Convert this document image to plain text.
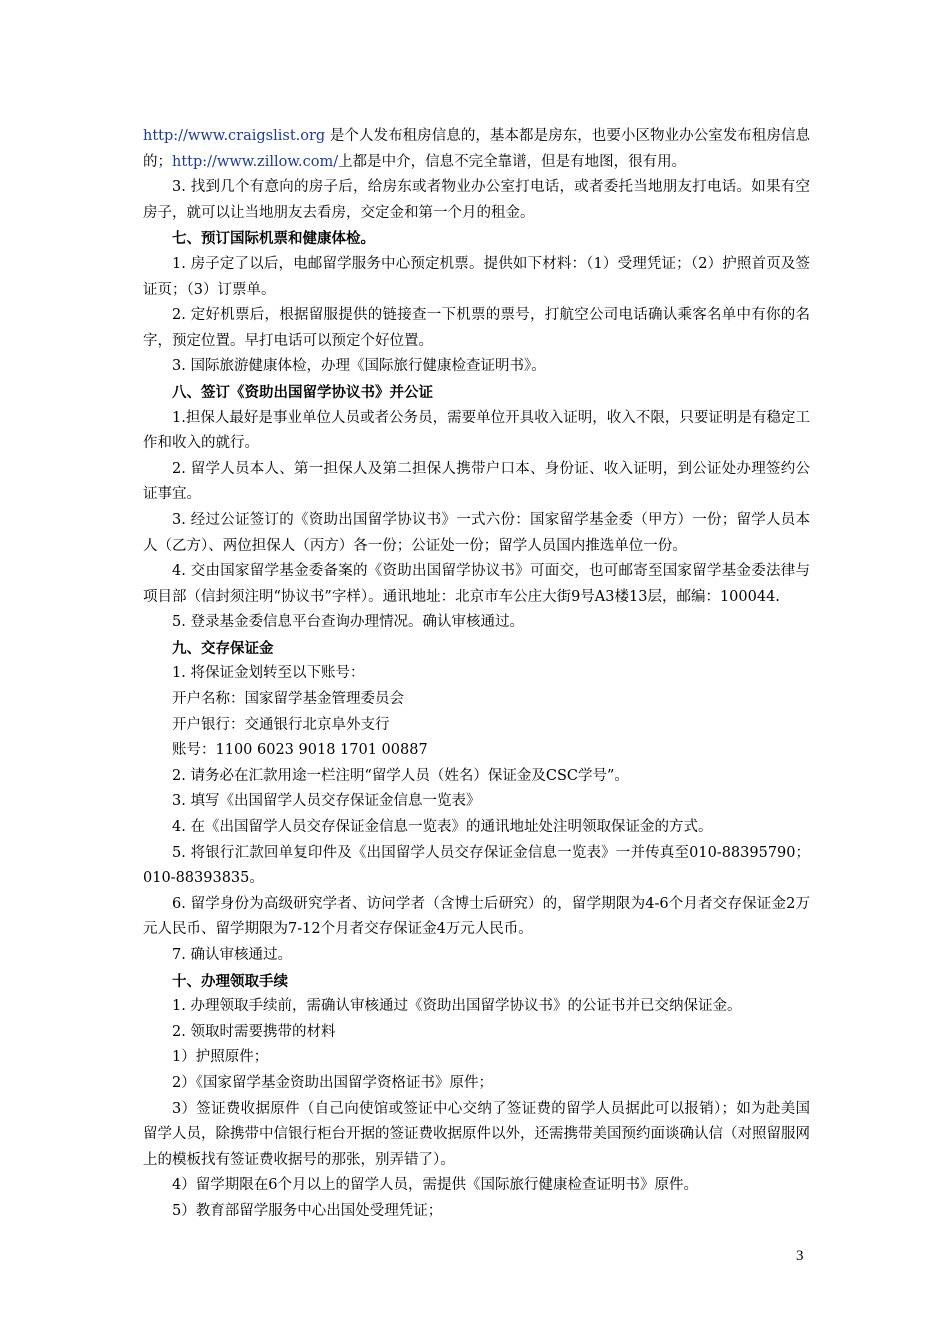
http://www.craigslist.org 是个人发布租房信息的，基本都是房东，也要小区物业办公室发布租房信息的；http://www.zillow.com/上都是中介，信息不完全靠谱，但是有地图，很有用。

3. 找到几个有意向的房子后，给房东或者物业办公室打电话，或者委托当地朋友打电话。如果有空房子，就可以让当地朋友去看房，交定金和第一个月的租金。

七、预订国际机票和健康体检。

1. 房子定了以后，电邮留学服务中心预定机票。提供如下材料：（1）受理凭证；（2）护照首页及签证页；（3）订票单。

2. 定好机票后，根据留服提供的链接查一下机票的票号，打航空公司电话确认乘客名单中有你的名字，预定位置。早打电话可以预定个好位置。

3. 国际旅游健康体检，办理《国际旅行健康检查证明书》。

八、签订《资助出国留学协议书》并公证

1.担保人最好是事业单位人员或者公务员，需要单位开具收入证明，收入不限，只要证明是有稳定工作和收入的就行。

2. 留学人员本人、第一担保人及第二担保人携带户口本、身份证、收入证明，到公证处办理签约公证事宜。

3. 经过公证签订的《资助出国留学协议书》一式六份：国家留学基金委（甲方）一份；留学人员本人（乙方）、两位担保人（丙方）各一份；公证处一份；留学人员国内推选单位一份。

4. 交由国家留学基金委备案的《资助出国留学协议书》可面交，也可邮寄至国家留学基金委法律与项目部（信封须注明“协议书”字样）。通讯地址：北京市车公庄大街9号A3楼13层，邮编：100044.

5. 登录基金委信息平台查询办理情况。确认审核通过。

九、交存保证金

1. 将保证金划转至以下账号：

开户名称：国家留学基金管理委员会

开户银行：交通银行北京阜外支行

账号：1100 6023 9018 1701 00887

2. 请务必在汇款用途一栏注明“留学人员（姓名）保证金及CSC学号”。

3. 填写《出国留学人员交存保证金信息一览表》

4. 在《出国留学人员交存保证金信息一览表》的通讯地址处注明领取保证金的方式。

5. 将银行汇款回单复印件及《出国留学人员交存保证金信息一览表》一并传真至010-88395790；010-88393835。

6. 留学身份为高级研究学者、访问学者（含博士后研究）的，留学期限为4-6个月者交存保证金2万元人民币、留学期限为7-12个月者交存保证金4万元人民币。

7. 确认审核通过。

十、办理领取手续

1. 办理领取手续前，需确认审核通过《资助出国留学协议书》的公证书并已交纳保证金。

2. 领取时需要携带的材料

1）护照原件；

2）《国家留学基金资助出国留学资格证书》原件；

3）签证费收据原件（自己向使馆或签证中心交纳了签证费的留学人员据此可以报销）；如为赴美国留学人员，除携带中信银行柜台开据的签证费收据原件以外，还需携带美国预约面谈确认信（对照留服网上的模板找有签证费收据号的那张，别弄错了）。

4）留学期限在6个月以上的留学人员，需提供《国际旅行健康检查证明书》原件。

5）教育部留学服务中心出国处受理凭证；

3
